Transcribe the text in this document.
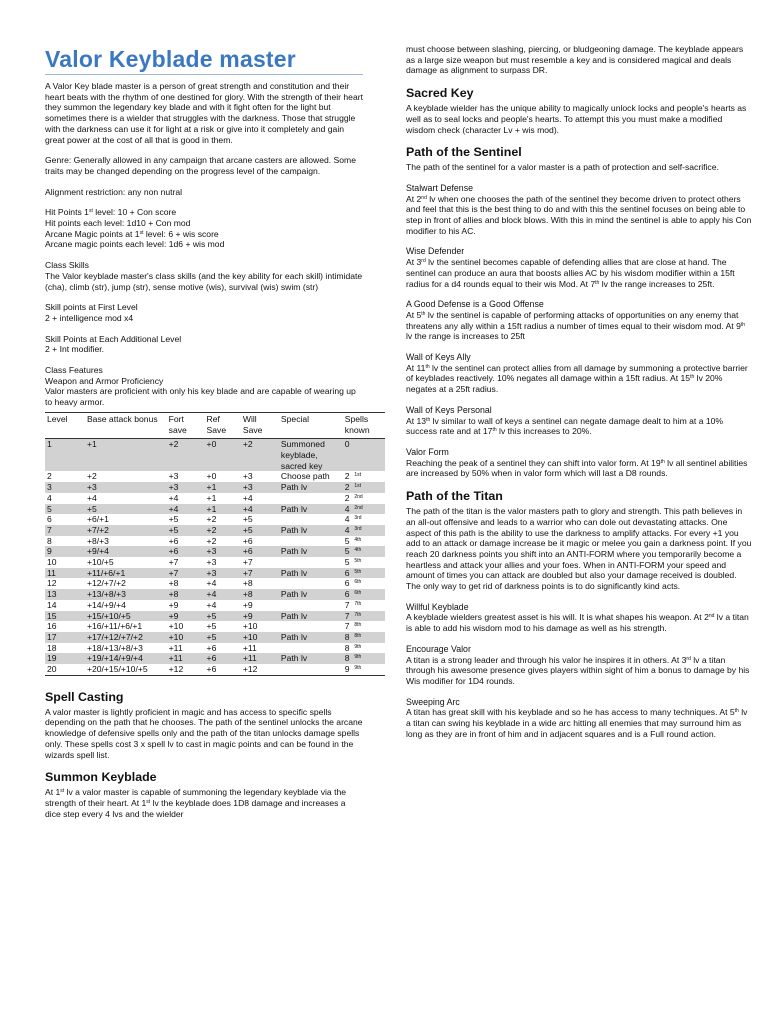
Valor Keyblade master

A Valor Key blade master is a person of great strength and constitution and their heart beats with the rhythm of one destined for glory. With the strength of their heart they summon the legendary key blade and with it fight often for the light but sometimes there is a wielder that struggles with the darkness. Those that struggle with the darkness can use it for light at a risk or give into it completely and gain great power at the cost of all that is good in them.

Genre: Generally allowed in any campaign that arcane casters are allowed. Some traits may be changed depending on the progress level of the campaign.

Alignment restriction: any non nutral

Hit Points 1st level: 10 + Con score
Hit points each level: 1d10 + Con mod
Arcane Magic points at 1st level: 6 + wis score
Arcane magic points each level: 1d6 + wis mod

Class Skills
The Valor keyblade master's class skills (and the key ability for each skill) intimidate (cha), climb (str), jump (str), sense motive (wis), survival (wis) swim (str)

Skill points at First Level
2 + intelligence mod x4

Skill Points at Each Additional Level
2 + Int modifier.

Class Features
Weapon and Armor Proficiency
Valor masters are proficient with only his key blade and are capable of wearing up to heavy armor.

Level	Base attack bonus	Fort save	Ref Save	Will Save	Special	Spells known
1	+1	+2	+0	+2	Summoned keyblade, sacred key	0
2	+2	+3	+0	+3	Choose path	2 $^{1st}$
3	+3	+3	+1	+3	Path lv	2 $^{1st}$
4	+4	+4	+1	+4		2 $^{2nd}$
5	+5	+4	+1	+4	Path lv	4 $^{2nd}$
6	+6/+1	+5	+2	+5		4 $^{3rd}$
7	+7/+2	+5	+2	+5	Path lv	4 $^{3rd}$
8	+8/+3	+6	+2	+6		5 $^{4th}$
9	+9/+4	+6	+3	+6	Path lv	5 $^{4th}$
10	+10/+5	+7	+3	+7		5 $^{5th}$
11	+11/+6/+1	+7	+3	+7	Path lv	6 $^{5th}$
12	+12/+7/+2	+8	+4	+8		6 $^{6th}$
13	+13/+8/+3	+8	+4	+8	Path lv	6 $^{6th}$
14	+14/+9/+4	+9	+4	+9		7 $^{7th}$
15	+15/+10/+5	+9	+5	+9	Path lv	7 $^{7th}$
16	+16/+11/+6/+1	+10	+5	+10		7 $^{8th}$
17	+17/+12/+7/+2	+10	+5	+10	Path lv	8 $^{8th}$
18	+18/+13/+8/+3	+11	+6	+11		8 $^{9th}$
19	+19/+14/+9/+4	+11	+6	+11	Path lv	8 $^{9th}$
20	+20/+15/+10/+5	+12	+6	+12		9 $^{9th}$
Spell Casting

A valor master is lightly proficient in magic and has access to specific spells depending on the path that he chooses. The path of the sentinel unlocks the arcane knowledge of defensive spells only and the path of the titan unlocks damage spells only. These spells cost 3 x spell lv to cast in magic points and can be found in the wizards spell list.

Summon Keyblade

At 1st lv a valor master is capable of summoning the legendary keyblade via the strength of their heart. At 1st lv the keyblade does 1D8 damage and increases a dice step every 4 lvs and the wielder

must choose between slashing, piercing, or bludgeoning damage. The keyblade appears as a large size weapon but must resemble a key and is considered magical and deals damage as alignment to surpass DR.

Sacred Key

A keyblade wielder has the unique ability to magically unlock locks and people's hearts as well as to seal locks and people's hearts. To attempt this you must make a modified wisdom check (character Lv + wis mod).

Path of the Sentinel

The path of the sentinel for a valor master is a path of protection and self-sacrifice.

Stalwart Defense

At 2nd lv when one chooses the path of the sentinel they become driven to protect others and feel that this is the best thing to do and with this the sentinel focuses on being able to step in front of allies and block blows. With this in mind the sentinel is able to apply his Con modifier to his AC.

Wise Defender

At 3rd lv the sentinel becomes capable of defending allies that are close at hand. The sentinel can produce an aura that boosts allies AC by his wisdom modifier within a 15ft radius for a d4 rounds equal to their wis Mod. At 7th lv the range increases to 25ft.

A Good Defense is a Good Offense

At 5th lv the sentinel is capable of performing attacks of opportunities on any enemy that threatens any ally within a 15ft radius a number of times equal to their wisdom mod. At 9th lv the range is increases to 25ft

Wall of Keys Ally

At 11th lv the sentinel can protect allies from all damage by summoning a protective barrier of keyblades reactively. 10% negates all damage within a 15ft radius. At 15th lv 20% negates at a 25ft radius.

Wall of Keys Personal

At 13th lv similar to wall of keys a sentinel can negate damage dealt to him at a 10% success rate and at 17th lv this increases to 20%.

Valor Form

Reaching the peak of a sentinel they can shift into valor form. At 19th lv all sentinel abilities are increased by 50% when in valor form which will last a D8 rounds.

Path of the Titan

The path of the titan is the valor masters path to glory and strength. This path believes in an all-out offensive and leads to a warrior who can dole out devastating attacks. One aspect of this path is the ability to use the darkness to amplify attacks. For every +1 you add to an attack or damage increase be it magic or melee you gain a darkness point. If you reach 20 darkness points you shift into an ANTI-FORM where you temporarily become a heartless and attack your allies and your foes. When in ANTI-FORM your speed and amount of times you can attack are doubled but also your damage received is doubled. The only way to get rid of darkness points is to do significantly kind acts.

Willful Keyblade

A keyblade wielders greatest asset is his will. It is what shapes his weapon. At 2nd lv a titan is able to add his wisdom mod to his damage as well as his strength.

Encourage Valor

A titan is a strong leader and through his valor he inspires it in others. At 3rd lv a titan through his awesome presence gives players within sight of him a bonus to damage by his Wis modifier for 1D4 rounds.

Sweeping Arc

A titan has great skill with his keyblade and so he has access to many techniques. At 5th lv a titan can swing his keyblade in a wide arc hitting all enemies that may surround him as long as they are in front of him and in adjacent squares and is a Full round action.
